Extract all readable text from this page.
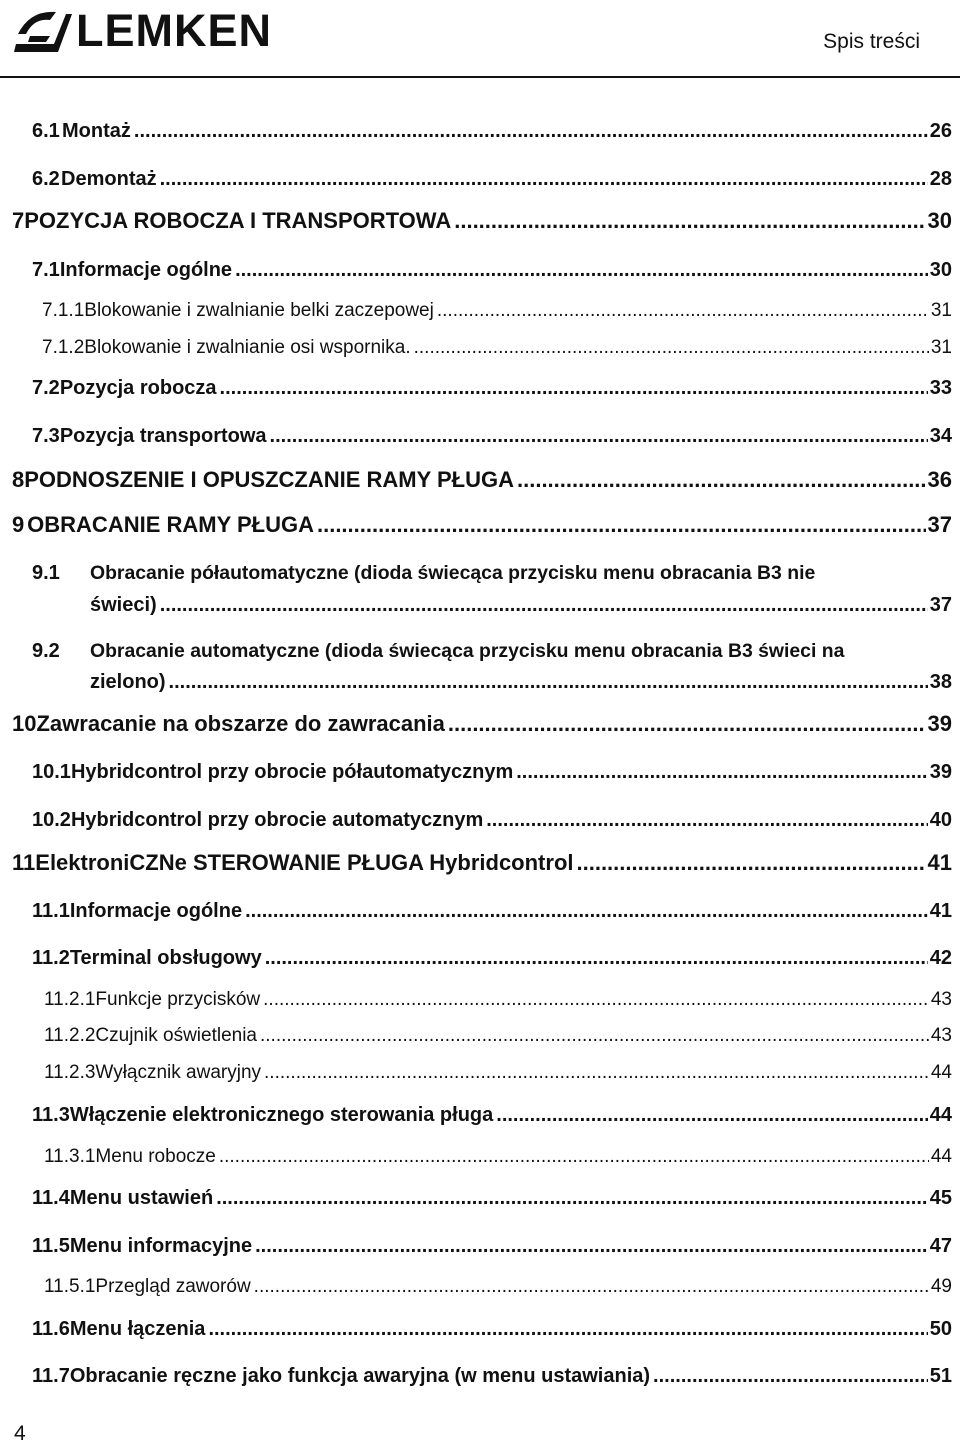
LEMKEN	Spis treści
6.1 Montaż .....	26
6.2 Demontaż .....	28
7 POZYCJA ROBOCZA I TRANSPORTOWA .....	30
7.1 Informacje ogólne .....	30
7.1.1 Blokowanie i zwalnianie belki zaczepowej .....	31
7.1.2 Blokowanie i zwalnianie osi wspornika. .....	31
7.2 Pozycja robocza .....	33
7.3 Pozycja transportowa .....	34
8 PODNOSZENIE I OPUSZCZANIE RAMY PŁUGA .....	36
9 OBRACANIE RAMY PŁUGA .....	37
9.1 Obracanie półautomatyczne (dioda świecąca przycisku menu obracania B3 nie
świeci) .....	37
9.2 Obracanie automatyczne (dioda świecąca przycisku menu obracania B3 świeci na
zielono) .....	38
10 Zawracanie na obszarze do zawracania .....	39
10.1 Hybridcontrol przy obrocie półautomatycznym .....	39
10.2 Hybridcontrol przy obrocie automatycznym .....	40
11 ElektroniCZNe STEROWANIE PŁUGA Hybridcontrol .....	41
11.1 Informacje ogólne .....	41
11.2 Terminal obsługowy .....	42
11.2.1 Funkcje przycisków .....	43
11.2.2 Czujnik oświetlenia .....	43
11.2.3 Wyłącznik awaryjny .....	44
11.3 Włączenie elektronicznego sterowania pługa .....	44
11.3.1 Menu robocze .....	44
11.4 Menu ustawień .....	45
11.5 Menu informacyjne .....	47
11.5.1 Przegląd zaworów .....	49
11.6 Menu łączenia .....	50
11.7 Obracanie ręczne jako funkcja awaryjna (w menu ustawiania) .....	51
4
